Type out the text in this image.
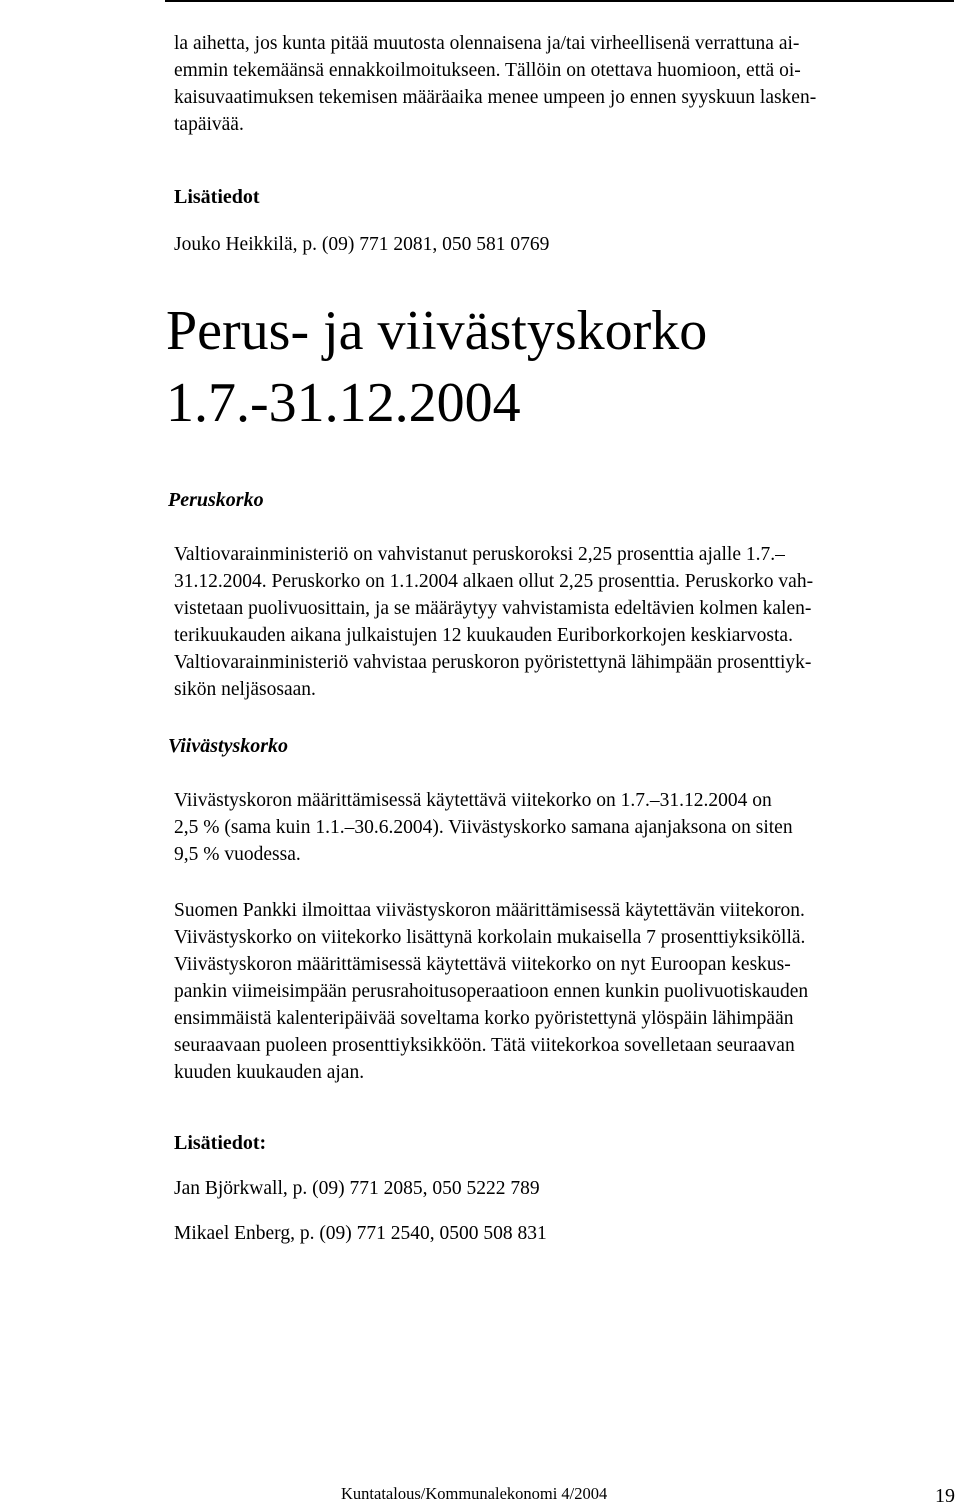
la aihetta, jos kunta pitää muutosta olennaisena ja/tai virheellisenä verrattuna ai-
emmin tekemäänsä ennakkoilmoitukseen. Tällöin on otettava huomioon, että oi-
kaisuvaatimuksen tekemisen määräaika menee umpeen jo ennen syyskuun lasken-
tapäivää.

Lisätiedot

Jouko Heikkilä, p. (09) 771 2081, 050 581 0769

Perus- ja viivästyskorko
1.7.-31.12.2004
Peruskorko

Valtiovarainministeriö on vahvistanut peruskoroksi 2,25 prosenttia ajalle 1.7.–
31.12.2004. Peruskorko on 1.1.2004 alkaen ollut 2,25 prosenttia. Peruskorko vah-
vistetaan puolivuosittain, ja se määräytyy vahvistamista edeltävien kolmen kalen-
terikuukauden aikana julkaistujen 12 kuukauden Euriborkorkojen keskiarvosta.
Valtiovarainministeriö vahvistaa peruskoron pyöristettynä lähimpään prosenttiyk-
sikön neljäsosaan.

Viivästyskorko

Viivästyskoron määrittämisessä käytettävä viitekorko on 1.7.–31.12.2004 on
2,5 % (sama kuin 1.1.–30.6.2004). Viivästyskorko samana ajanjaksona on siten
9,5 % vuodessa.

Suomen Pankki ilmoittaa viivästyskoron määrittämisessä käytettävän viitekoron.
Viivästyskorko on viitekorko lisättynä korkolain mukaisella 7 prosenttiyksiköllä.
Viivästyskoron määrittämisessä käytettävä viitekorko on nyt Euroopan keskus-
pankin viimeisimpään perusrahoitusoperaatioon ennen kunkin puolivuotiskauden
ensimmäistä kalenteripäivää soveltama korko pyöristettynä ylöspäin lähimpään
seuraavaan puoleen prosenttiyksikköön. Tätä viitekorkoa sovelletaan seuraavan
kuuden kuukauden ajan.

Lisätiedot:

Jan Björkwall, p. (09) 771 2085, 050 5222 789

Mikael Enberg, p. (09) 771 2540, 0500 508 831

Kuntatalous/Kommunalekonomi 4/2004	19
